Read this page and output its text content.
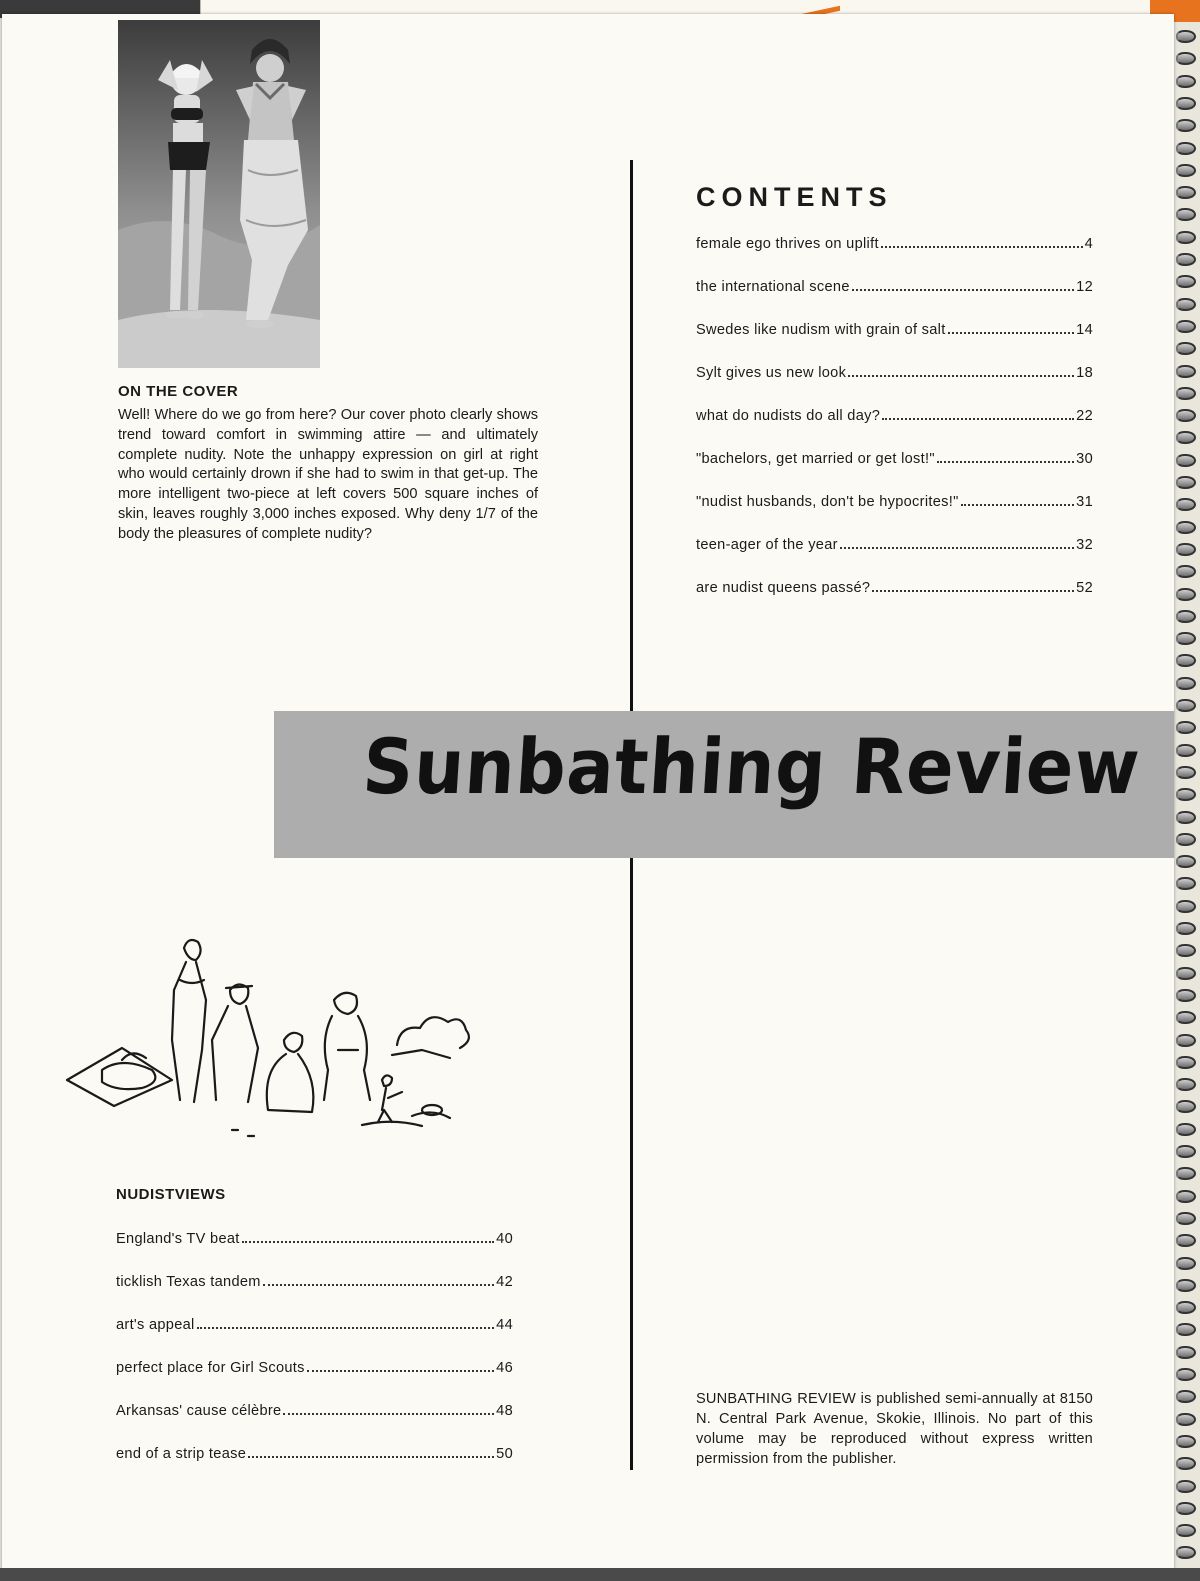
ON THE COVER

Well! Where do we go from here? Our cover photo clearly shows trend toward comfort in swimming attire — and ultimately complete nudity. Note the unhappy expression on girl at right who would certainly drown if she had to swim in that get-up. The more intelligent two-piece at left covers 500 square inches of skin, leaves roughly 3,000 inches exposed. Why deny 1/7 of the body the pleasures of complete nudity?

CONTENTS
female ego thrives on uplift	4
the international scene	12
Swedes like nudism with grain of salt	14
Sylt gives us new look	18
what do nudists do all day?	22
"bachelors, get married or get lost!"	30
"nudist husbands, don't be hypocrites!"	31
teen-ager of the year	32
are nudist queens passé?	52
Sunbathing Review
NUDISTVIEWS
England's TV beat	40
ticklish Texas tandem	42
art's appeal	44
perfect place for Girl Scouts	46
Arkansas' cause célèbre	48
end of a strip tease	50

SUNBATHING REVIEW is published semi-annually at 8150 N. Central Park Avenue, Skokie, Illinois. No part of this volume may be reproduced without express written permission from the publisher.
